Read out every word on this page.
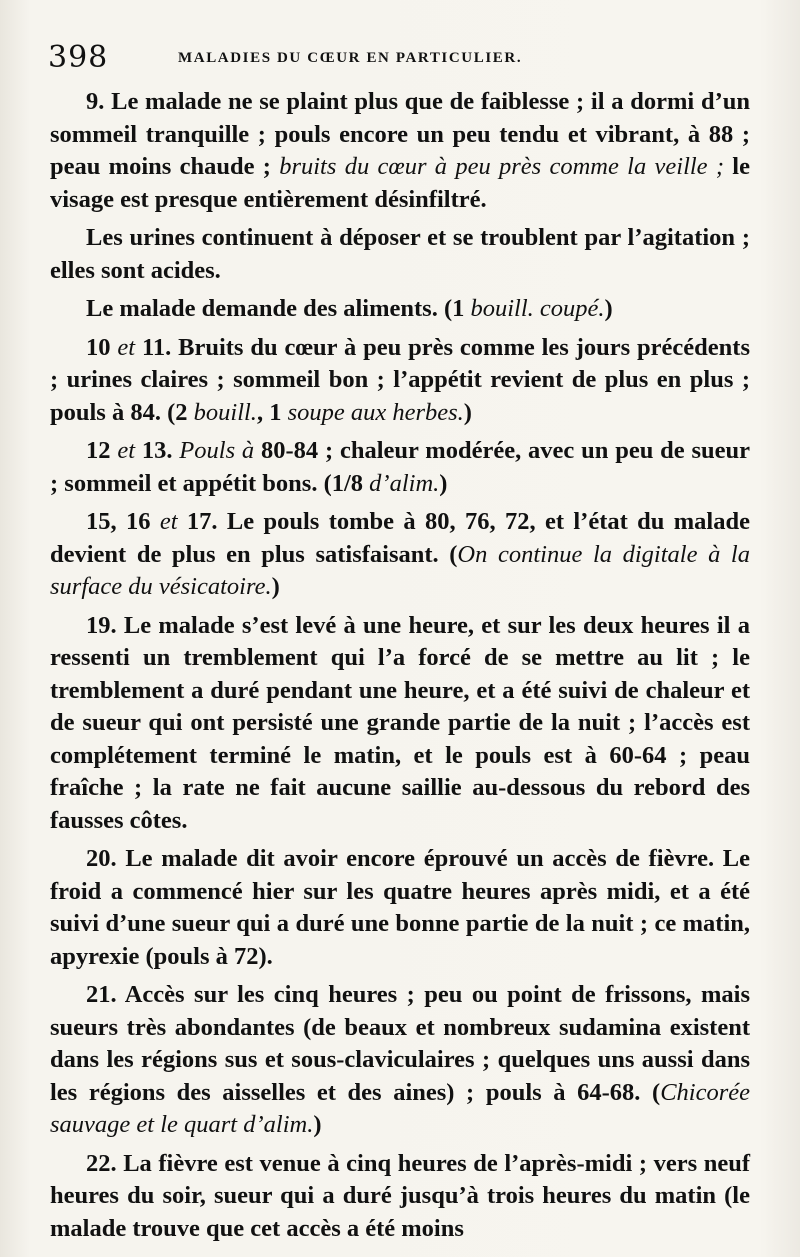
398	MALADIES DU CŒUR EN PARTICULIER.

9. Le malade ne se plaint plus que de faiblesse ; il a dormi d’un sommeil tranquille ; pouls encore un peu tendu et vibrant, à 88 ; peau moins chaude ; bruits du cœur à peu près comme la veille ; le visage est presque entièrement désinfiltré.

Les urines continuent à déposer et se troublent par l’agitation ; elles sont acides.

Le malade demande des aliments. (1 bouill. coupé.)

10 et 11. Bruits du cœur à peu près comme les jours précédents ; urines claires ; sommeil bon ; l’appétit revient de plus en plus ; pouls à 84. (2 bouill., 1 soupe aux herbes.)

12 et 13. Pouls à 80-84 ; chaleur modérée, avec un peu de sueur ; sommeil et appétit bons. (1/8 d’alim.)

15, 16 et 17. Le pouls tombe à 80, 76, 72, et l’état du malade devient de plus en plus satisfaisant. (On continue la digitale à la surface du vésicatoire.)

19. Le malade s’est levé à une heure, et sur les deux heures il a ressenti un tremblement qui l’a forcé de se mettre au lit ; le tremblement a duré pendant une heure, et a été suivi de chaleur et de sueur qui ont persisté une grande partie de la nuit ; l’accès est complétement terminé le matin, et le pouls est à 60-64 ; peau fraîche ; la rate ne fait aucune saillie au-dessous du rebord des fausses côtes.

20. Le malade dit avoir encore éprouvé un accès de fièvre. Le froid a commencé hier sur les quatre heures après midi, et a été suivi d’une sueur qui a duré une bonne partie de la nuit ; ce matin, apyrexie (pouls à 72).

21. Accès sur les cinq heures ; peu ou point de frissons, mais sueurs très abondantes (de beaux et nombreux sudamina existent dans les régions sus et sous-claviculaires ; quelques uns aussi dans les régions des aisselles et des aines) ; pouls à 64-68. (Chicorée sauvage et le quart d’alim.)

22. La fièvre est venue à cinq heures de l’après-midi ; vers neuf heures du soir, sueur qui a duré jusqu’à trois heures du matin (le malade trouve que cet accès a été moins
